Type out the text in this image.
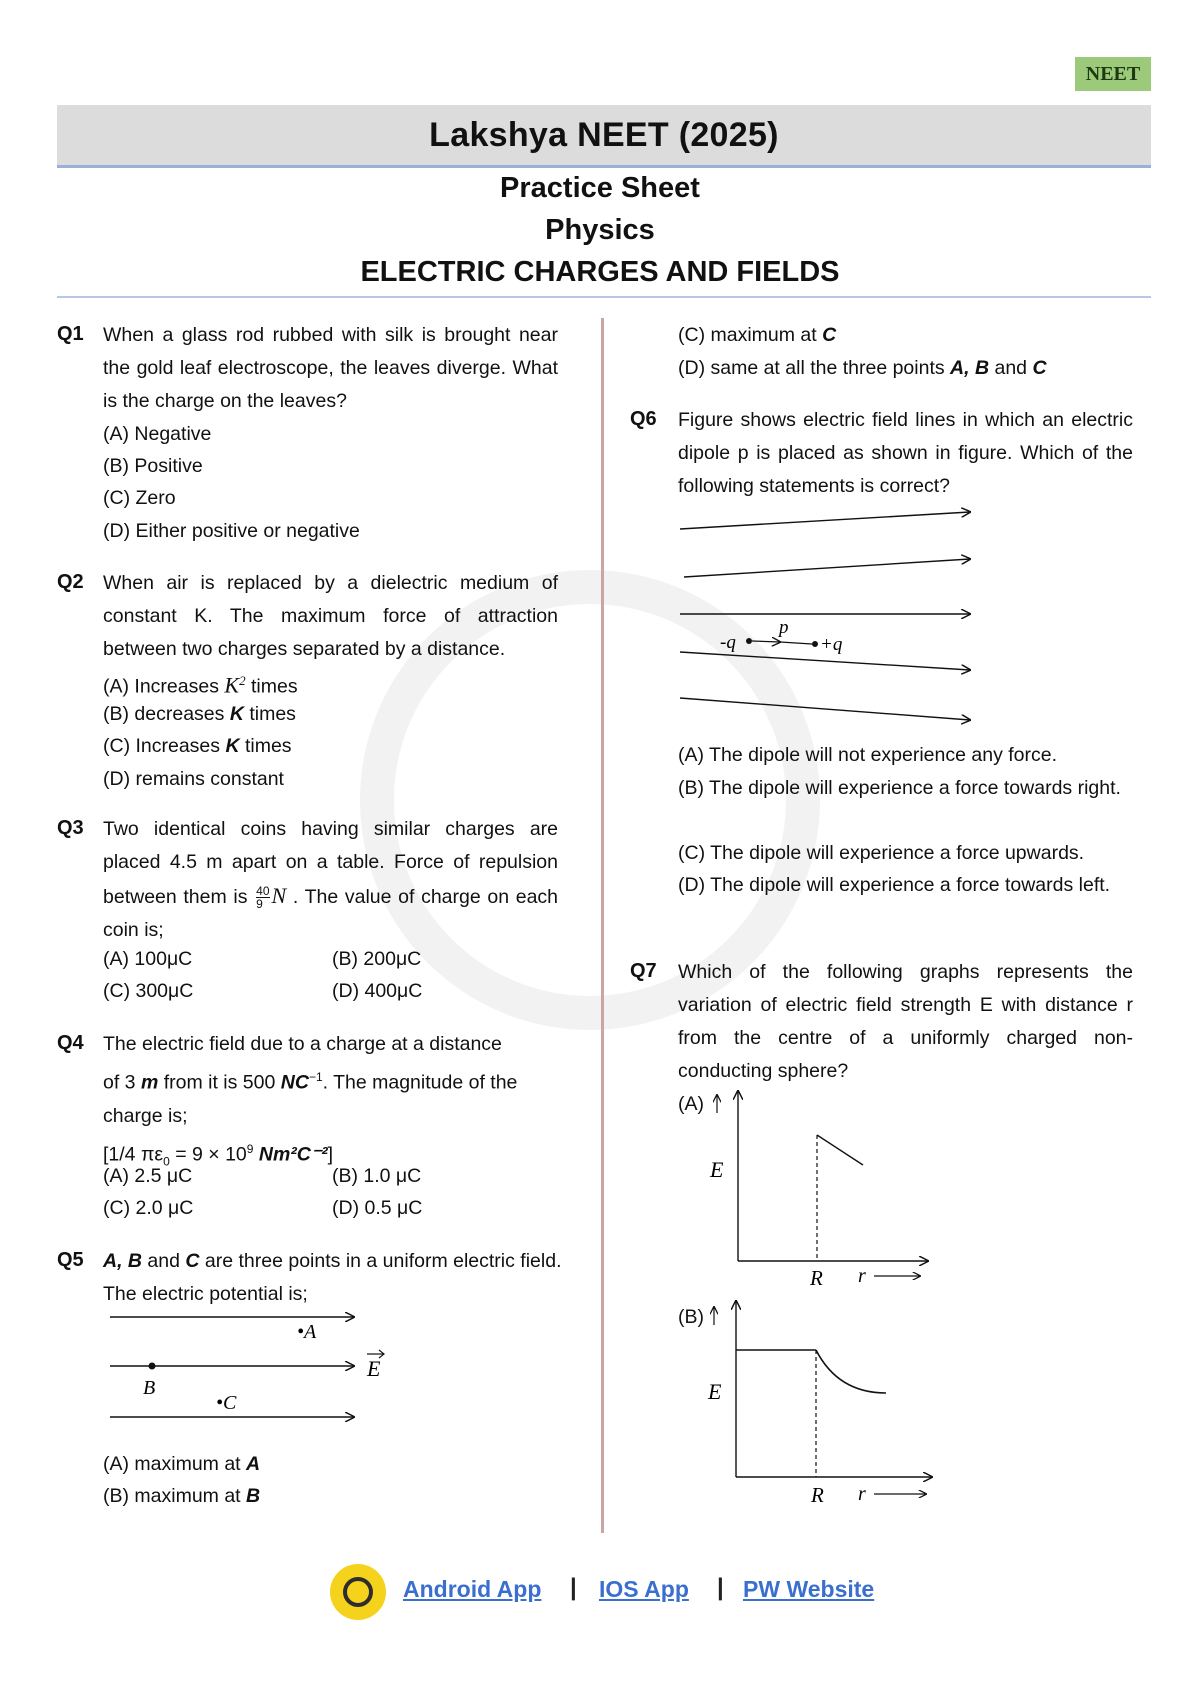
NEET
Lakshya NEET (2025)
Practice Sheet
Physics
ELECTRIC CHARGES AND FIELDS
Q1 When a glass rod rubbed with silk is brought near the gold leaf electroscope, the leaves diverge. What is the charge on the leaves?
(A) Negative
(B) Positive
(C) Zero
(D) Either positive or negative
Q2 When air is replaced by a dielectric medium of constant K. The maximum force of attraction between two charges separated by a distance.
(A) Increases $K^2$ times
(B) decreases K times
(C) Increases K times
(D) remains constant
Q3 Two identical coins having similar charges are placed 4.5 m apart on a table. Force of repulsion between them is $\frac{40}{9}$ N . The value of charge on each coin is;
(A) 100μC	(B) 200μC
(C) 300μC	(D) 400μC
Q4 The electric field due to a charge at a distance
of 3 m from it is 500 $NC^{-1}$. The magnitude of the
charge is;
[1/4 $\pi\varepsilon_0 = 9 \times 10^9$ Nm²C⁻²]
(A) 2.5 μC	(B) 1.0 μC
(C) 2.0 μC	(D) 0.5 μC
Q5 A, B and C are three points in a uniform electric field. The electric potential is;
•A
B
•C
E
(A) maximum at A
(B) maximum at B
(C) maximum at C
(D) same at all the three points A, B and C
Q6 Figure shows electric field lines in which an electric dipole p is placed as shown in figure. Which of the following statements is correct?
-q
p
+q
(A) The dipole will not experience any force.
(B) The dipole will experience a force towards right.
(C) The dipole will experience a force upwards.
(D) The dipole will experience a force towards left.
Q7 Which of the following graphs represents the variation of electric field strength E with distance r from the centre of a uniformly charged non-conducting sphere?
(A)
E
R r
(B)
E
R r
Android App | IOS App | PW Website
